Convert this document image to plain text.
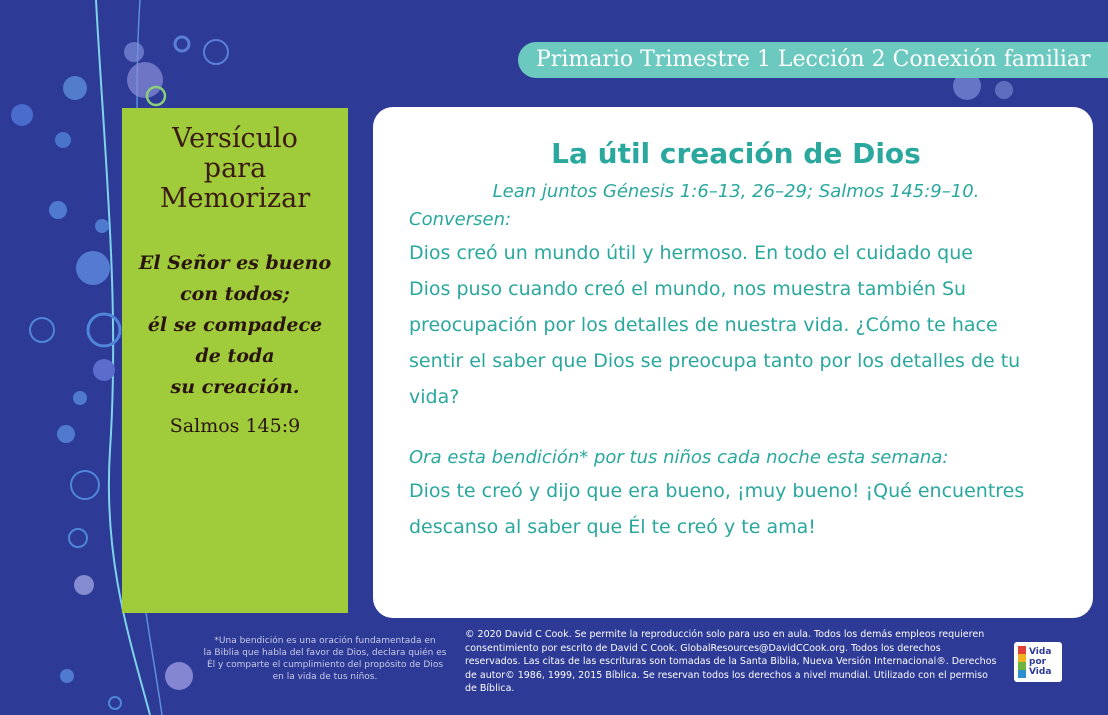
Primario Trimestre 1 Lección 2 Conexión familiar
Versículo
para
Memorizar
El Señor es bueno
con todos;
él se compadece
de toda
su creación.
Salmos 145:9
La útil creación de Dios
Lean juntos Génesis 1:6–13, 26–29; Salmos 145:9–10.
Conversen:
Dios creó un mundo útil y hermoso. En todo el cuidado que
Dios puso cuando creó el mundo, nos muestra también Su
preocupación por los detalles de nuestra vida. ¿Cómo te hace
sentir el saber que Dios se preocupa tanto por los detalles de tu
vida?
Ora esta bendición* por tus niños cada noche esta semana:
Dios te creó y dijo que era bueno, ¡muy bueno! ¡Qué encuentres
descanso al saber que Él te creó y te ama!
*Una bendición es una oración fundamentada en
la Biblia que habla del favor de Dios, declara quién es
Él y comparte el cumplimiento del propósito de Dios
en la vida de tus niños.
© 2020 David C Cook. Se permite la reproducción solo para uso en aula. Todos los demás empleos requieren
consentimiento por escrito de David C Cook. GlobalResources@DavidCCook.org. Todos los derechos
reservados. Las citas de las escrituras son tomadas de la Santa Biblia, Nueva Versión Internacional®. Derechos
de autor© 1986, 1999, 2015 Bíblica. Se reservan todos los derechos a nivel mundial. Utilizado con el permiso
de Bíblica.
Vida
por
Vida
